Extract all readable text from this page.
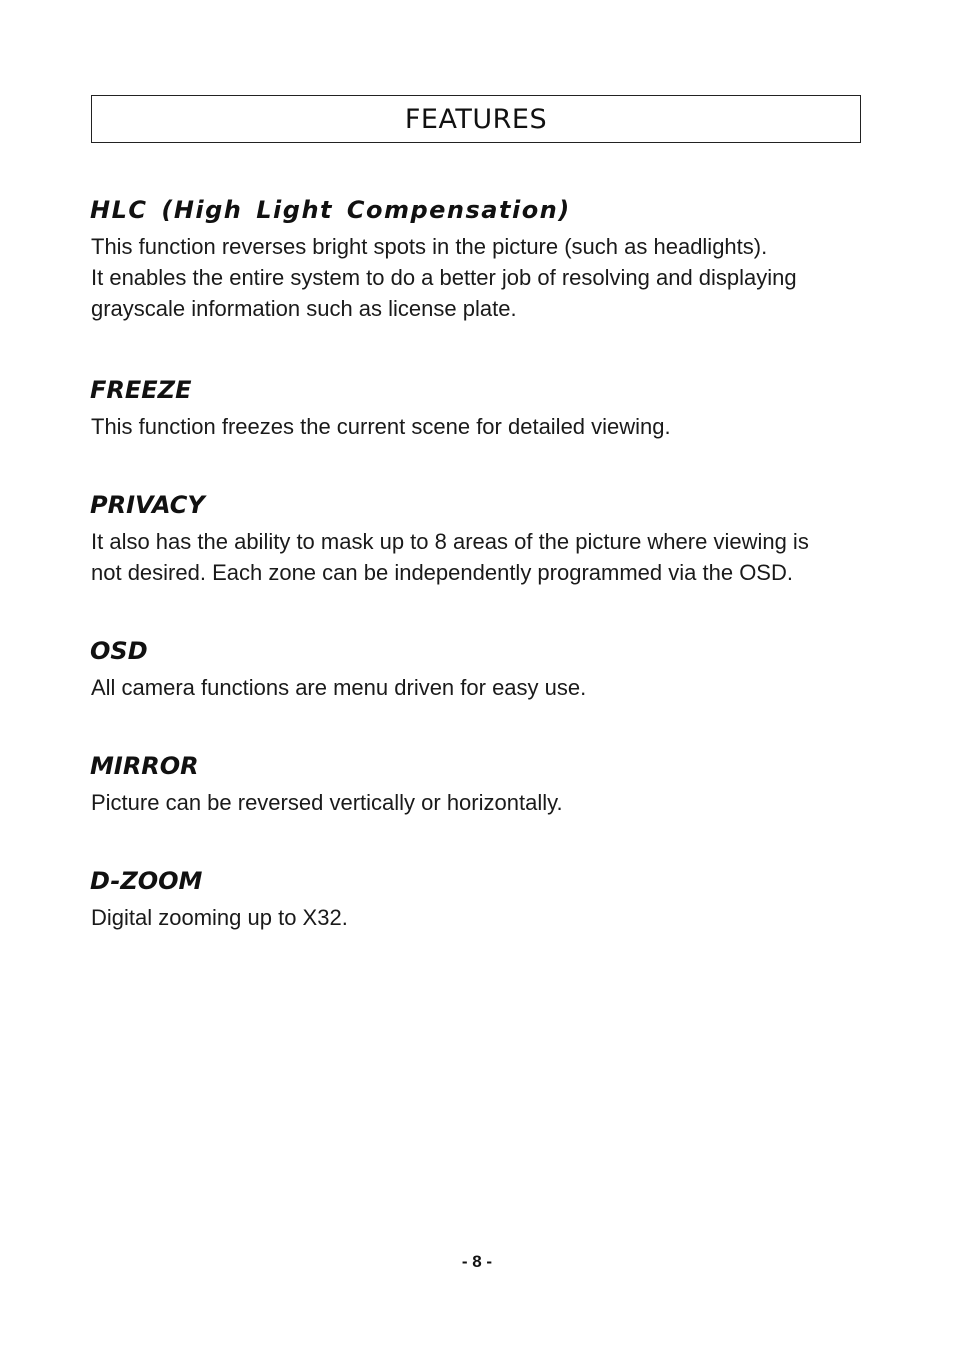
FEATURES
HLC (High Light Compensation)

This function reverses bright spots in the picture (such as headlights).
It enables the entire system to do a better job of resolving and displaying
grayscale information such as license plate.

FREEZE

This function freezes the current scene for detailed viewing.

PRIVACY

It also has the ability to mask up to 8 areas of the picture where viewing is
not desired. Each zone can be independently programmed via the OSD.

OSD

All camera functions are menu driven for easy use.

MIRROR

Picture can be reversed vertically or horizontally.

D-ZOOM

Digital zooming up to X32.

- 8 -
